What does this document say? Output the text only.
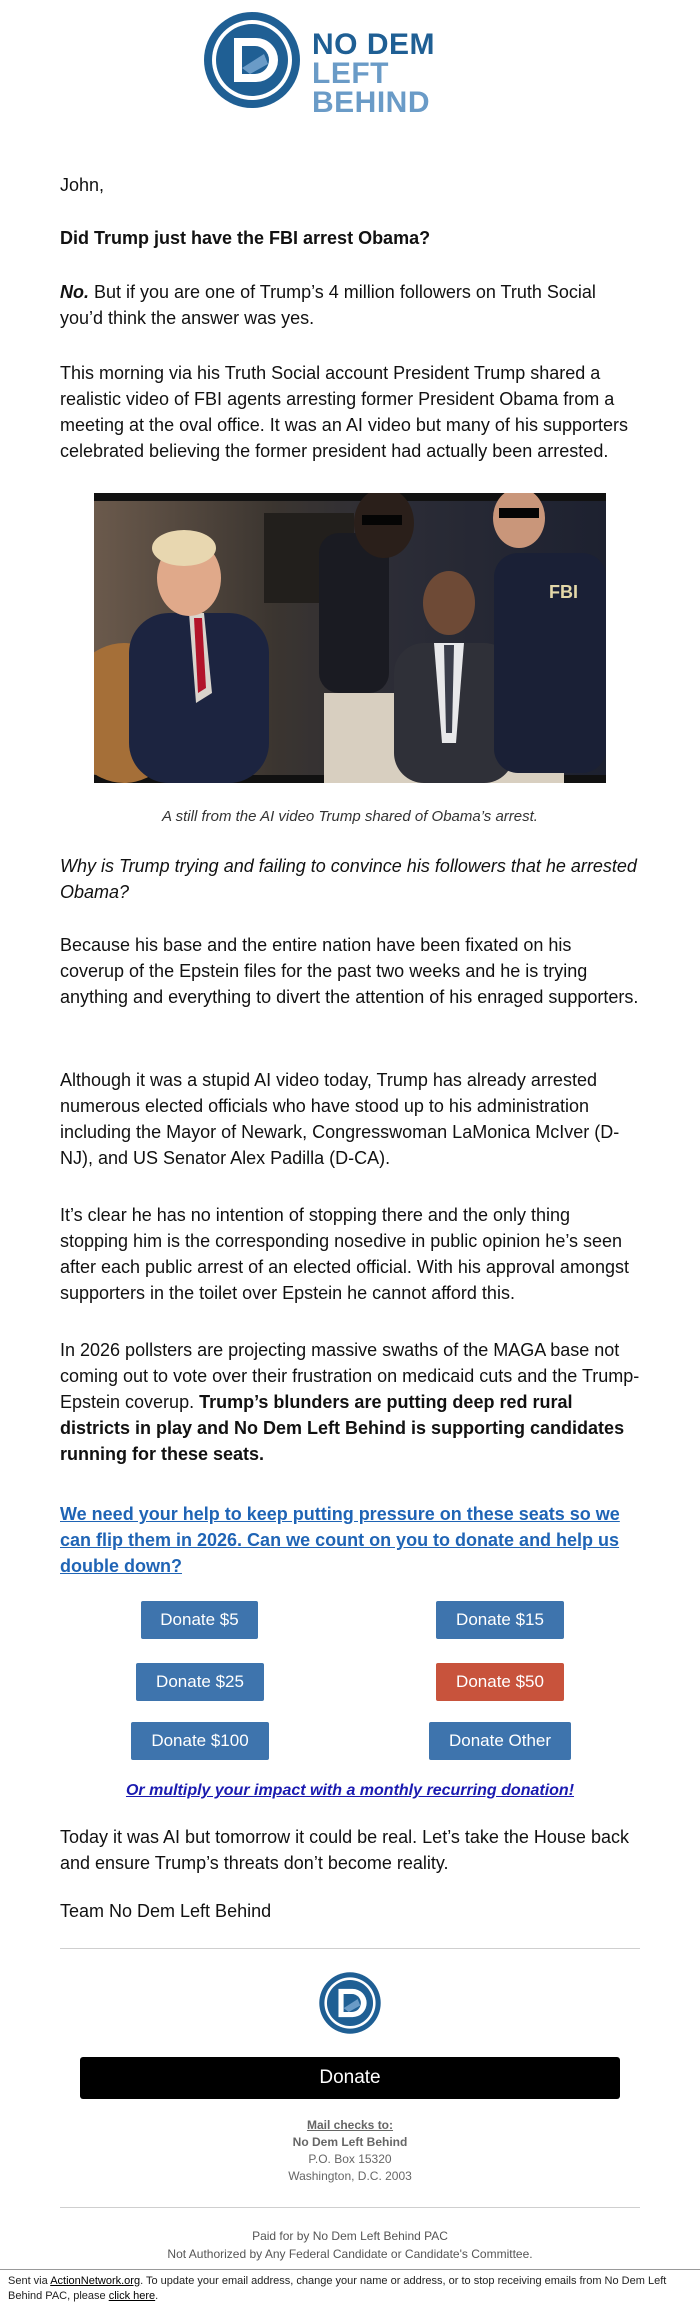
NO DEM
LEFT BEHIND

John,

Did Trump just have the FBI arrest Obama?

No. But if you are one of Trump’s 4 million followers on Truth Social you’d think the answer was yes.

This morning via his Truth Social account President Trump shared a realistic video of FBI agents arresting former President Obama from a meeting at the oval office. It was an AI video but many of his supporters celebrated believing the former president had actually been arrested.

FBI
A still from the AI video Trump shared of Obama’s arrest.

Why is Trump trying and failing to convince his followers that he arrested Obama?

Because his base and the entire nation have been fixated on his coverup of the Epstein files for the past two weeks and he is trying anything and everything to divert the attention of his enraged supporters.

Although it was a stupid AI video today, Trump has already arrested numerous elected officials who have stood up to his administration including the Mayor of Newark, Congresswoman LaMonica McIver (D-NJ), and US Senator Alex Padilla (D-CA).

It’s clear he has no intention of stopping there and the only thing stopping him is the corresponding nosedive in public opinion he’s seen after each public arrest of an elected official. With his approval amongst supporters in the toilet over Epstein he cannot afford this.

In 2026 pollsters are projecting massive swaths of the MAGA base not coming out to vote over their frustration on medicaid cuts and the Trump-Epstein coverup. Trump’s blunders are putting deep red rural districts in play and No Dem Left Behind is supporting candidates running for these seats.

We need your help to keep putting pressure on these seats so we can flip them in 2026. Can we count on you to donate and help us double down?

Donate $5	Donate $15
Donate $25	Donate $50
Donate $100	Donate Other
Or multiply your impact with a monthly recurring donation!

Today it was AI but tomorrow it could be real. Let’s take the House back and ensure Trump’s threats don’t become reality.

Team No Dem Left Behind

Donate
Mail checks to:
No Dem Left Behind
P.O. Box 15320
Washington, D.C. 2003
Paid for by No Dem Left Behind PAC
Not Authorized by Any Federal Candidate or Candidate's Committee.
Sent via ActionNetwork.org. To update your email address, change your name or address, or to stop receiving emails from No Dem Left Behind PAC, please click here.
